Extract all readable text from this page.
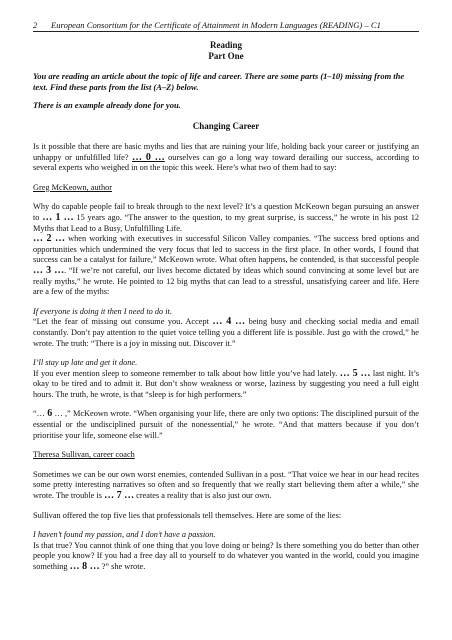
2 European Consortium for the Certificate of Attainment in Modern Languages (READING) – C1
Reading
Part One
You are reading an article about the topic of life and career. There are some parts (1–10) missing from the text. Find these parts from the list (A–Z) below.
There is an example already done for you.
Changing Career
Is it possible that there are basic myths and lies that are ruining your life, holding back your career or justifying an unhappy or unfulfilled life? … 0 … ourselves can go a long way toward derailing our success, according to several experts who weighed in on the topic this week. Here’s what two of them had to say:
Greg McKeown, author
Why do capable people fail to break through to the next level? It’s a question McKeown began pursuing an answer to … 1 … 15 years ago. “The answer to the question, to my great surprise, is success,” he wrote in his post 12 Myths that Lead to a Busy, Unfulfilling Life.
… 2 … when working with executives in successful Silicon Valley companies. “The success bred options and opportunities which undermined the very focus that led to success in the first place. In other words, I found that success can be a catalyst for failure,” McKeown wrote. What often happens, he contended, is that successful people … 3 …. “If we’re not careful, our lives become dictated by ideas which sound convincing at some level but are really myths,” he wrote. He pointed to 12 big myths that can lead to a stressful, unsatisfying career and life. Here are a few of the myths:
If everyone is doing it then I need to do it.
“Let the fear of missing out consume you. Accept … 4 … being busy and checking social media and email constantly. Don’t pay attention to the quiet voice telling you a different life is possible. Just go with the crowd,” he wrote. The truth: “There is a joy in missing out. Discover it.”
I’ll stay up late and get it done.
If you ever mention sleep to someone remember to talk about how little you’ve had lately. … 5 … last night. It’s okay to be tired and to admit it. But don’t show weakness or worse, laziness by suggesting you need a full eight hours. The truth, he wrote, is that “sleep is for high performers.”
“… 6 … ,” McKeown wrote. “When organising your life, there are only two options: The disciplined pursuit of the essential or the undisciplined pursuit of the nonessential,” he wrote. “And that matters because if you don’t prioritise your life, someone else will.”
Theresa Sullivan, career coach
Sometimes we can be our own worst enemies, contended Sullivan in a post. “That voice we hear in our head recites some pretty interesting narratives so often and so frequently that we really start believing them after a while,” she wrote. The trouble is … 7 … creates a reality that is also just our own.
Sullivan offered the top five lies that professionals tell themselves. Here are some of the lies:
I haven’t found my passion, and I don’t have a passion.
Is that true? You cannot think of one thing that you love doing or being? Is there something you do better than other people you know? If you had a free day all to yourself to do whatever you wanted in the world, could you imagine something … 8 … ?” she wrote.
